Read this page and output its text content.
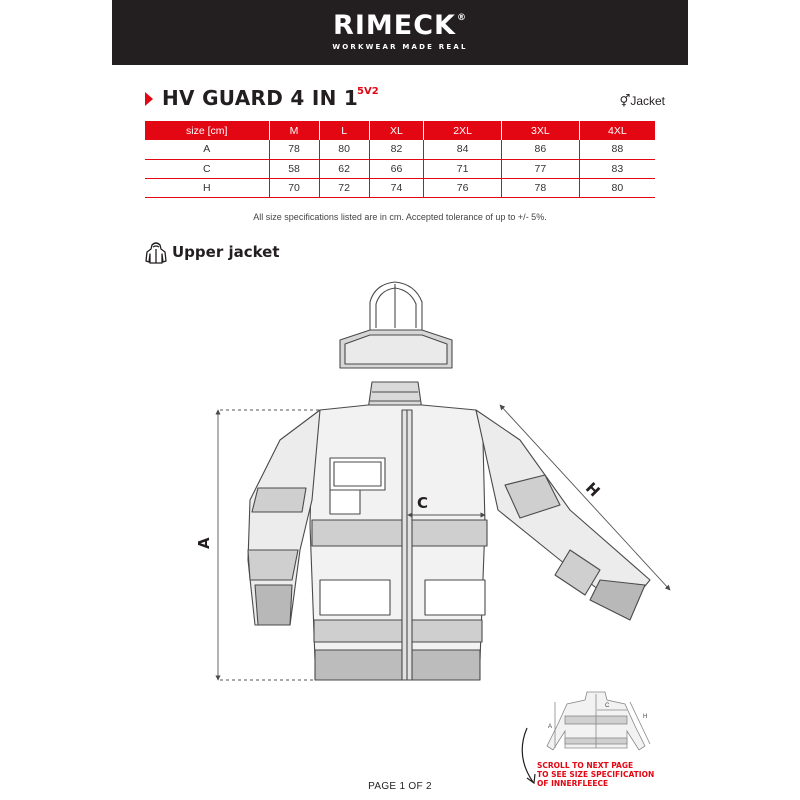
RIMECK®
WORKWEAR MADE REAL
HV GUARD 4 IN 1
5V2
⚥Jacket
size [cm]	M	L	XL	2XL	3XL	4XL
A	78	80	82	84	86	88
C	58	62	66	71	77	83
H	70	72	74	76	78	80
All size specifications listed are in cm. Accepted tolerance of up to +/- 5%.
Upper jacket
A
C
H
A
C
H
SCROLL TO NEXT PAGE
TO SEE SIZE SPECIFICATION
OF INNERFLEECE
PAGE 1 OF 2
